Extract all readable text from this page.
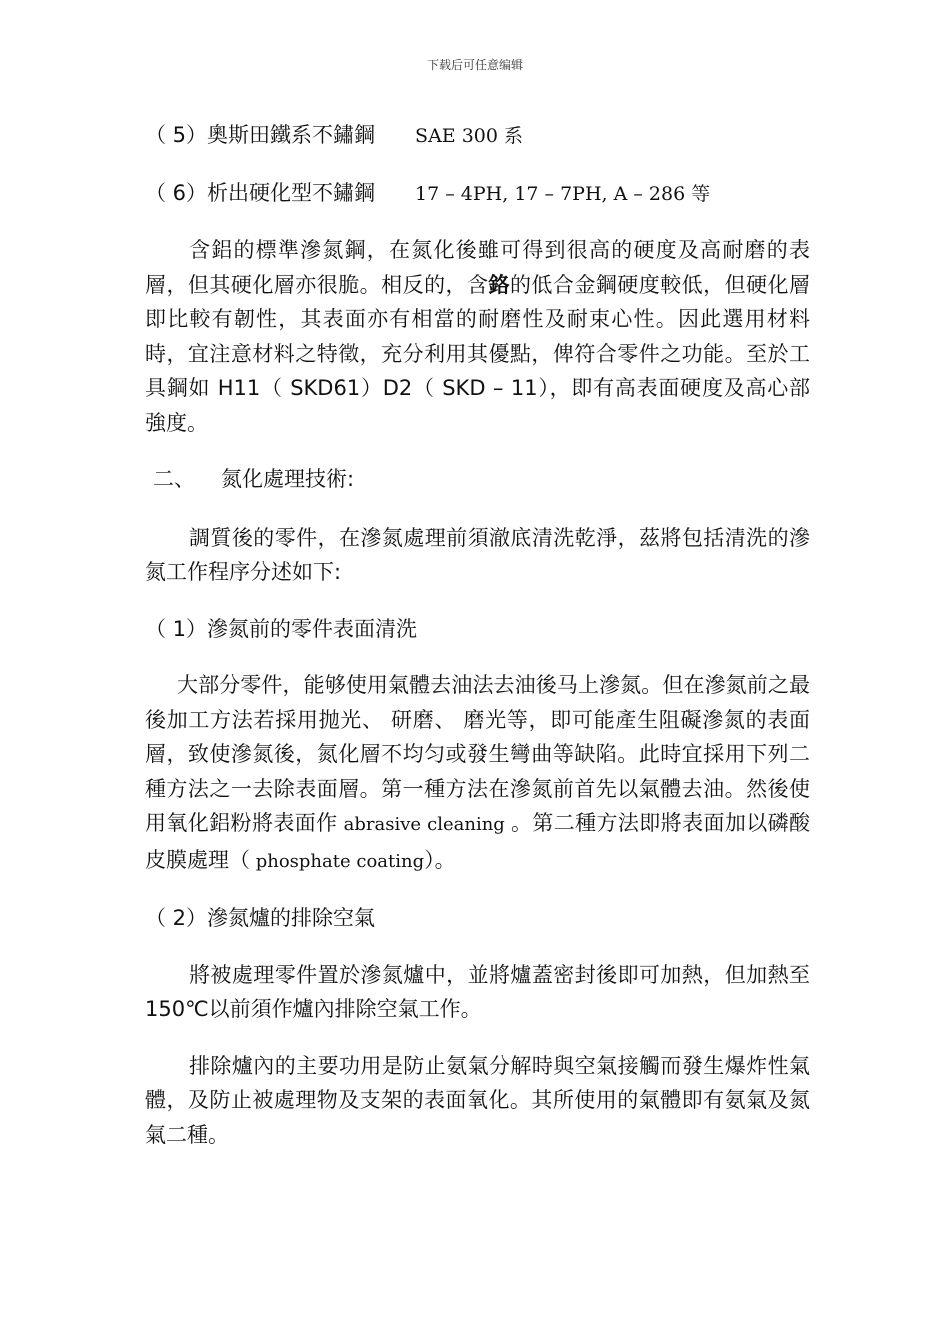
下载后可任意编辑
（ 5）奧斯田鐵系不鏽鋼 SAE 300 系
（ 6）析出硬化型不鏽鋼 17 – 4PH, 17 – 7PH, A – 286 等

含鋁的標準滲氮鋼，在氮化後雖可得到很高的硬度及高耐磨的表層，但其硬化層亦很脆。相反的，含鉻的低合金鋼硬度較低，但硬化層即比較有韌性，其表面亦有相當的耐磨性及耐束心性。因此選用材料時，宜注意材料之特徵，充分利用其優點，俾符合零件之功能。至於工具鋼如 H11（ SKD61）D2（ SKD – 11），即有高表面硬度及高心部強度。

二、 氮化處理技術:

調質後的零件，在滲氮處理前須澈底清洗乾淨，茲將包括清洗的滲氮工作程序分述如下:

（ 1）滲氮前的零件表面清洗

大部分零件，能够使用氣體去油法去油後马上滲氮。但在滲氮前之最後加工方法若採用抛光、 研磨、 磨光等，即可能產生阻礙滲氮的表面層，致使滲氮後，氮化層不均匀或發生彎曲等缺陷。此時宜採用下列二種方法之一去除表面層。第一種方法在滲氮前首先以氣體去油。然後使用氧化鋁粉將表面作 abrasive cleaning 。第二種方法即將表面加以磷酸皮膜處理（ phosphate coating）。

（ 2）滲氮爐的排除空氣

將被處理零件置於滲氮爐中，並將爐蓋密封後即可加熱，但加熱至 150℃以前須作爐內排除空氣工作。

排除爐內的主要功用是防止氨氣分解時與空氣接觸而發生爆炸性氣體，及防止被處理物及支架的表面氧化。其所使用的氣體即有氨氣及氮氣二種。
